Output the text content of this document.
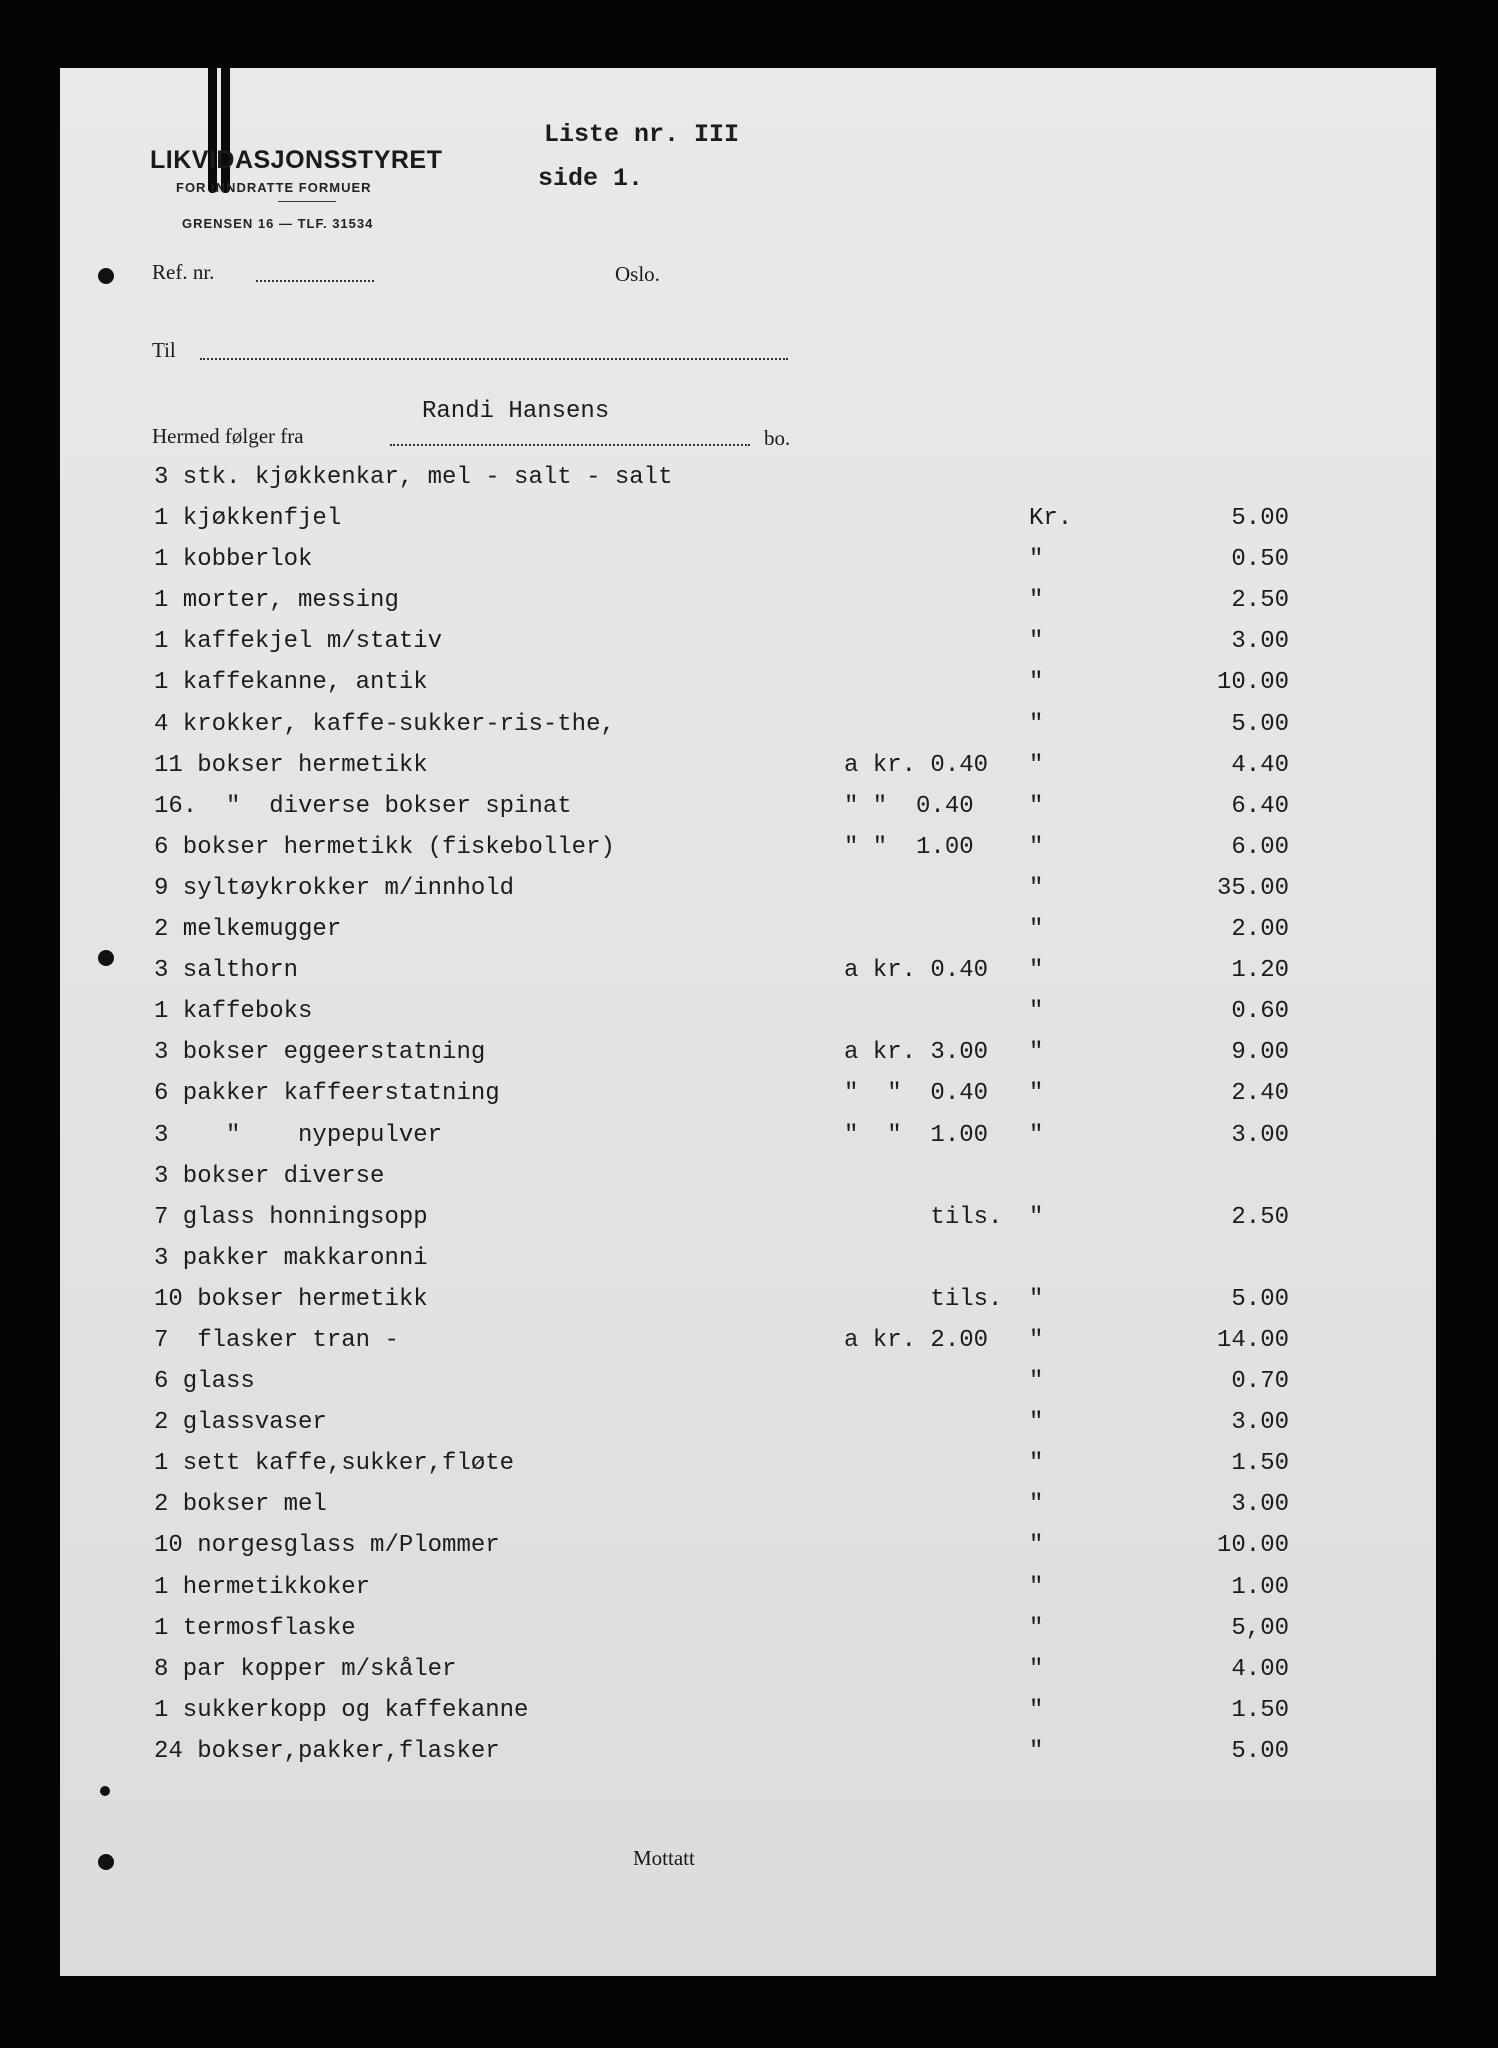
LIKVIDASJONSSTYRET
FOR INNDRATTE FORMUER
GRENSEN 16 — TLF. 31534
Liste nr. III
side 1.
Ref. nr.	Oslo.
Til
Randi Hansens
Hermed følger fra	bo.
3 stk. kjøkkenkar, mel - salt - salt
1 kjøkkenfjel	Kr.	5.00
1 kobberlok	"	0.50
1 morter, messing	"	2.50
1 kaffekjel m/stativ	"	3.00
1 kaffekanne, antik	"	10.00
4 krokker, kaffe-sukker-ris-the,	"	5.00
11 bokser hermetikk	a kr. 0.40 "	4.40
16.  "  diverse bokser spinat	" "  0.40 "	6.40
6 bokser hermetikk (fiskeboller)	" "  1.00 "	6.00
9 syltøykrokker m/innhold	"	35.00
2 melkemugger	"	2.00
3 salthorn	a kr. 0.40 "	1.20
1 kaffeboks	"	0.60
3 bokser eggeerstatning	a kr. 3.00 "	9.00
6 pakker kaffeerstatning	"  "  0.40 "	2.40
3    "    nypepulver	"  "  1.00 "	3.00
3 bokser diverse
7 glass honningsopp	tils. "	2.50
3 pakker makkaronni
10 bokser hermetikk	tils. "	5.00
7  flasker tran -	a kr. 2.00 "	14.00
6 glass	"	0.70
2 glassvaser	"	3.00
1 sett kaffe,sukker,fløte	"	1.50
2 bokser mel	"	3.00
10 norgesglass m/Plommer	"	10.00
1 hermetikkoker	"	1.00
1 termosflaske	"	5,00
8 par kopper m/skåler	"	4.00
1 sukkerkopp og kaffekanne	"	1.50
24 bokser,pakker,flasker	"	5.00
Mottatt
